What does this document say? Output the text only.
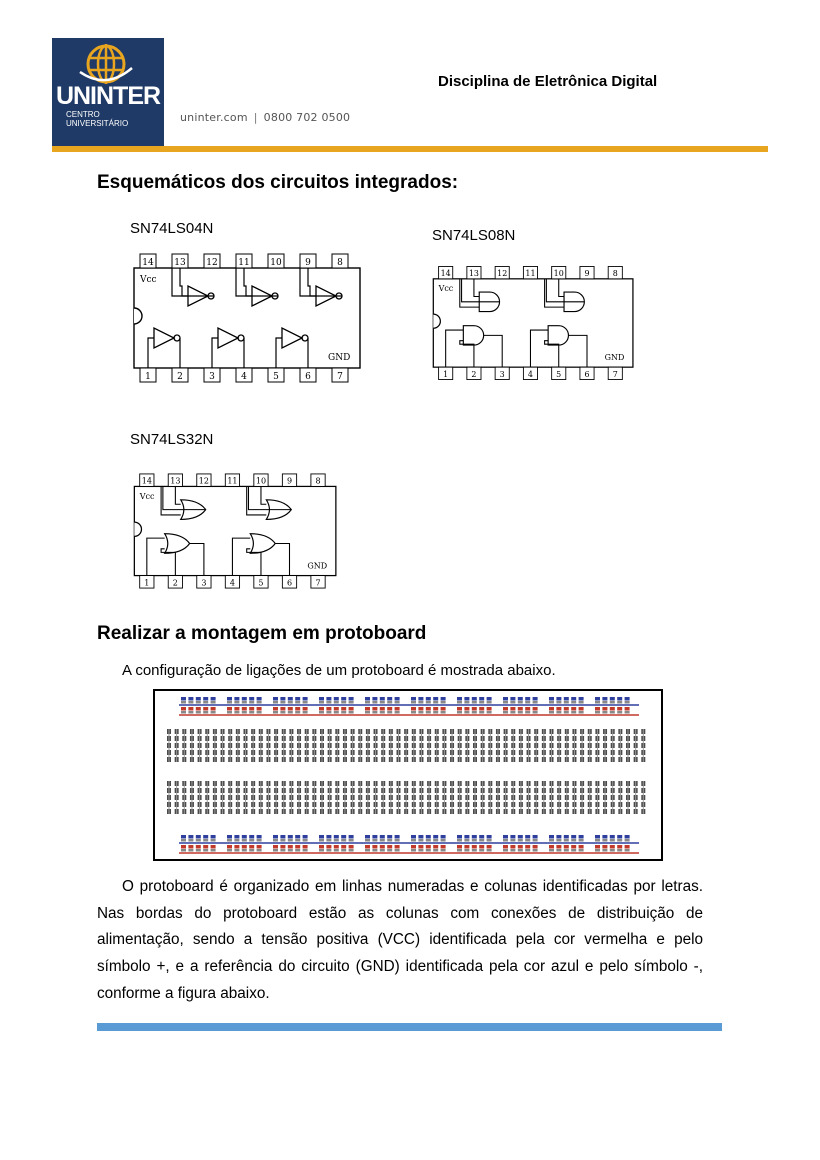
UNINTER
CENTRO
UNIVERSITÁRIO	uninter.com | 0800 702 0500
Disciplina de Eletrônica Digital
Esquemáticos dos circuitos integrados:
SN74LS04N
14 13 12 11 10	9	8
1	2	3	4	5	6	7
Vcc
GND
SN74LS08N
14 13 12 11 10 9	8
1	2	3	4	5	6	7
Vcc
GND
SN74LS32N
14 13 12 11 10 9	8
1	2	3	4	5	6	7
Vcc
GND
Realizar a montagem em protoboard
A configuração de ligações de um protoboard é mostrada abaixo.
O protoboard é organizado em linhas numeradas e colunas identificadas por letras. Nas bordas do protoboard estão as colunas com conexões de distribuição de alimentação, sendo a tensão positiva (VCC) identificada pela cor vermelha e pelo símbolo +, e a referência do circuito (GND) identificada pela cor azul e pelo símbolo -, conforme a figura abaixo.
